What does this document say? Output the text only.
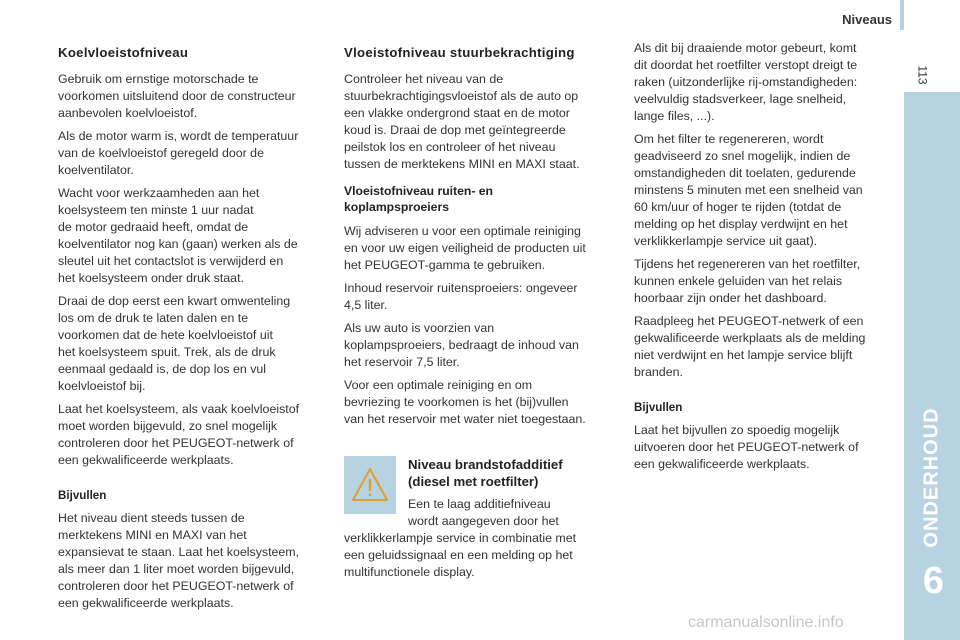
Niveaus
113
ONDERHOUD
6
Koelvloeistofniveau

Gebruik om ernstige motorschade te
voorkomen uitsluitend door de constructeur
aanbevolen koelvloeistof.

Als de motor warm is, wordt de temperatuur
van de koelvloeistof geregeld door de
koelventilator.

Wacht voor werkzaamheden aan het
koelsysteem ten minste 1 uur nadat
de motor gedraaid heeft, omdat de
koelventilator nog kan (gaan) werken als de
sleutel uit het contactslot is verwijderd en
het koelsysteem onder druk staat.

Draai de dop eerst een kwart omwenteling
los om de druk te laten dalen en te
voorkomen dat de hete koelvloeistof uit
het koelsysteem spuit. Trek, als de druk
eenmaal gedaald is, de dop los en vul
koelvloeistof bij.

Laat het koelsysteem, als vaak koelvloeistof
moet worden bijgevuld, zo snel mogelijk
controleren door het PEUGEOT-netwerk of
een gekwalificeerde werkplaats.

Bijvullen

Het niveau dient steeds tussen de
merktekens MINI en MAXI van het
expansievat te staan. Laat het koelsysteem,
als meer dan 1 liter moet worden bijgevuld,
controleren door het PEUGEOT-netwerk of
een gekwalificeerde werkplaats.

Vloeistofniveau stuurbekrachtiging

Controleer het niveau van de
stuurbekrachtigingsvloeistof als de auto op
een vlakke ondergrond staat en de motor
koud is. Draai de dop met geïntegreerde
peilstok los en controleer of het niveau
tussen de merktekens MINI en MAXI staat.

Vloeistofniveau ruiten- en
koplampsproeiers

Wij adviseren u voor een optimale reiniging
en voor uw eigen veiligheid de producten uit
het PEUGEOT-gamma te gebruiken.

Inhoud reservoir ruitensproeiers: ongeveer
4,5 liter.

Als uw auto is voorzien van
koplampsproeiers, bedraagt de inhoud van
het reservoir 7,5 liter.

Voor een optimale reiniging en om
bevriezing te voorkomen is het (bij)vullen
van het reservoir met water niet toegestaan.

Niveau brandstofadditief
(diesel met roetfilter)

Een te laag additiefniveau
wordt aangegeven door het

verklikkerlampje service in combinatie met
een geluidssignaal en een melding op het
multifunctionele display.

Als dit bij draaiende motor gebeurt, komt
dit doordat het roetfilter verstopt dreigt te
raken (uitzonderlijke rij-omstandigheden:
veelvuldig stadsverkeer, lage snelheid,
lange files, ...).

Om het filter te regenereren, wordt
geadviseerd zo snel mogelijk, indien de
omstandigheden dit toelaten, gedurende
minstens 5 minuten met een snelheid van
60 km/uur of hoger te rijden (totdat de
melding op het display verdwijnt en het
verklikkerlampje service uit gaat).

Tijdens het regenereren van het roetfilter,
kunnen enkele geluiden van het relais
hoorbaar zijn onder het dashboard.

Raadpleeg het PEUGEOT-netwerk of een
gekwalificeerde werkplaats als de melding
niet verdwijnt en het lampje service blijft
branden.

Bijvullen

Laat het bijvullen zo spoedig mogelijk
uitvoeren door het PEUGEOT-netwerk of
een gekwalificeerde werkplaats.

carmanualsonline.info
